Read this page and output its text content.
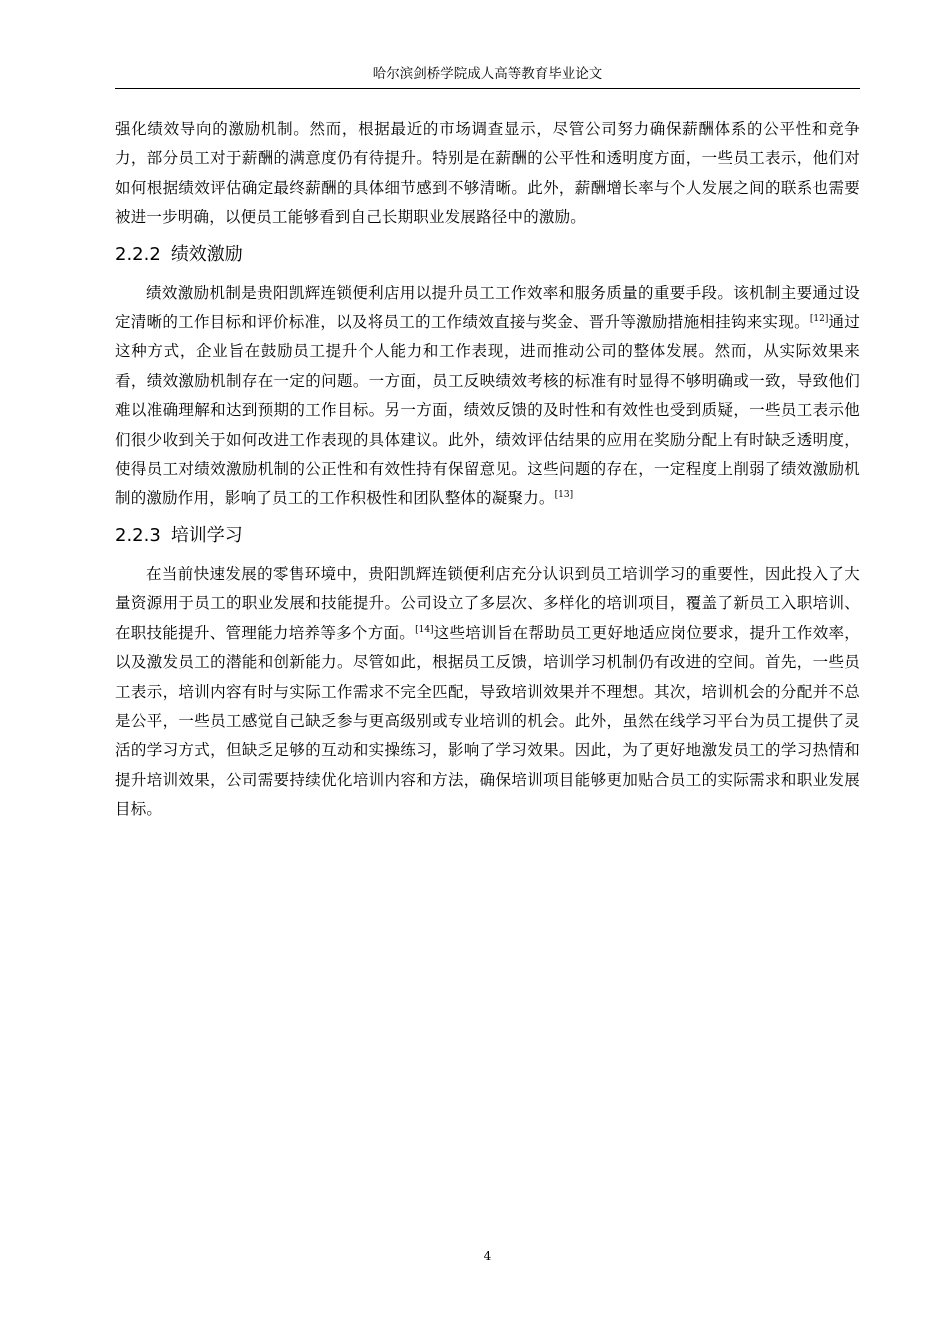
哈尔滨剑桥学院成人高等教育毕业论文

强化绩效导向的激励机制。然而，根据最近的市场调查显示，尽管公司努力确保薪酬体系的公平性和竞争力，部分员工对于薪酬的满意度仍有待提升。特别是在薪酬的公平性和透明度方面，一些员工表示，他们对如何根据绩效评估确定最终薪酬的具体细节感到不够清晰。此外，薪酬增长率与个人发展之间的联系也需要被进一步明确，以便员工能够看到自己长期职业发展路径中的激励。

2.2.2 绩效激励

绩效激励机制是贵阳凯辉连锁便利店用以提升员工工作效率和服务质量的重要手段。该机制主要通过设定清晰的工作目标和评价标准，以及将员工的工作绩效直接与奖金、晋升等激励措施相挂钩来实现。[12]通过这种方式，企业旨在鼓励员工提升个人能力和工作表现，进而推动公司的整体发展。然而，从实际效果来看，绩效激励机制存在一定的问题。一方面，员工反映绩效考核的标准有时显得不够明确或一致，导致他们难以准确理解和达到预期的工作目标。另一方面，绩效反馈的及时性和有效性也受到质疑，一些员工表示他们很少收到关于如何改进工作表现的具体建议。此外，绩效评估结果的应用在奖励分配上有时缺乏透明度，使得员工对绩效激励机制的公正性和有效性持有保留意见。这些问题的存在，一定程度上削弱了绩效激励机制的激励作用，影响了员工的工作积极性和团队整体的凝聚力。[13]

2.2.3 培训学习

在当前快速发展的零售环境中，贵阳凯辉连锁便利店充分认识到员工培训学习的重要性，因此投入了大量资源用于员工的职业发展和技能提升。公司设立了多层次、多样化的培训项目，覆盖了新员工入职培训、在职技能提升、管理能力培养等多个方面。[14]这些培训旨在帮助员工更好地适应岗位要求，提升工作效率，以及激发员工的潜能和创新能力。尽管如此，根据员工反馈，培训学习机制仍有改进的空间。首先，一些员工表示，培训内容有时与实际工作需求不完全匹配，导致培训效果并不理想。其次，培训机会的分配并不总是公平，一些员工感觉自己缺乏参与更高级别或专业培训的机会。此外，虽然在线学习平台为员工提供了灵活的学习方式，但缺乏足够的互动和实操练习，影响了学习效果。因此，为了更好地激发员工的学习热情和提升培训效果，公司需要持续优化培训内容和方法，确保培训项目能够更加贴合员工的实际需求和职业发展目标。

4
